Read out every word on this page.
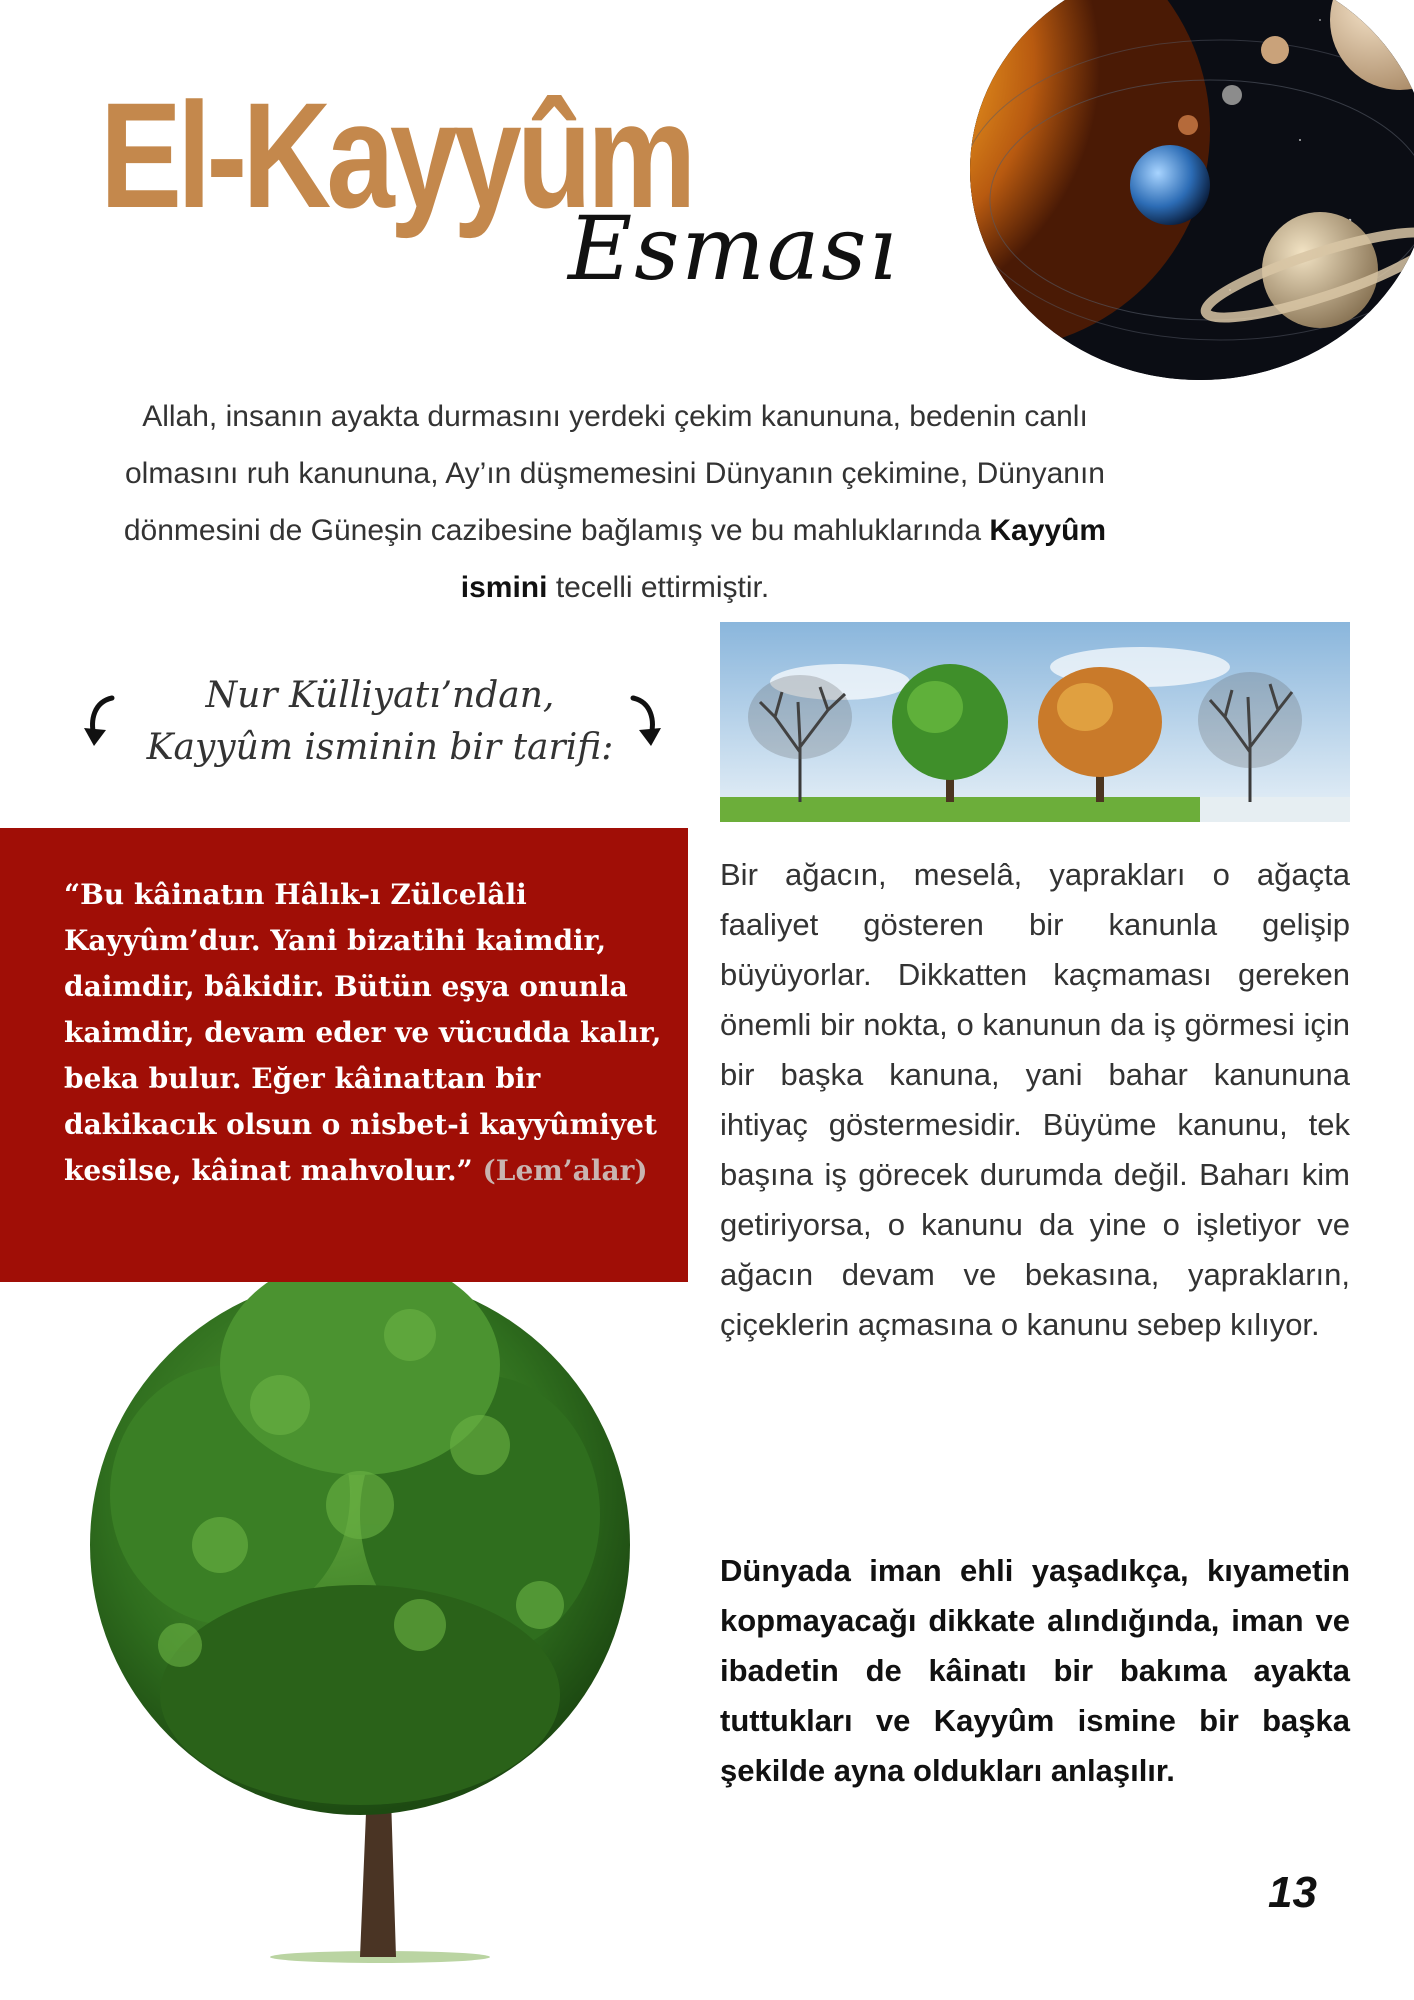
El-Kayyûm
Esması
Allah, insanın ayakta durmasını yerdeki çekim kanununa, bedenin canlı olmasını ruh kanununa, Ay’ın düşmemesini Dünyanın çekimine, Dünyanın dönmesini de Güneşin cazibesine bağlamış ve bu mahluklarında Kayyûm ismini tecelli ettirmiştir.
Nur Külliyatı’ndan,
Kayyûm isminin bir tarifi:
“Bu kâinatın Hâlık-ı Zülcelâli Kayyûm’dur. Yani bizatihi kaimdir, daimdir, bâkidir. Bütün eşya onunla kaimdir, devam eder ve vücudda kalır, beka bulur. Eğer kâinattan bir dakikacık olsun o nisbet-i kayyûmiyet kesilse, kâinat mahvolur.” (Lem’alar)
Bir ağacın, meselâ, yaprakları o ağaçta faaliyet gösteren bir kanunla gelişip büyüyorlar. Dikkatten kaçmaması gereken önemli bir nokta, o kanunun da iş görmesi için bir başka kanuna, yani bahar kanununa ihtiyaç göstermesidir. Büyüme kanunu, tek başına iş görecek durumda değil. Baharı kim getiriyorsa, o kanunu da yine o işletiyor ve ağacın devam ve bekasına, yaprakların, çiçeklerin açmasına o kanunu sebep kılıyor.
Dünyada iman ehli yaşadıkça, kıyametin kopmayacağı dikkate alındığında, iman ve ibadetin de kâinatı bir bakıma ayakta tuttukları ve Kayyûm ismine bir başka şekilde ayna oldukları anlaşılır.
13
